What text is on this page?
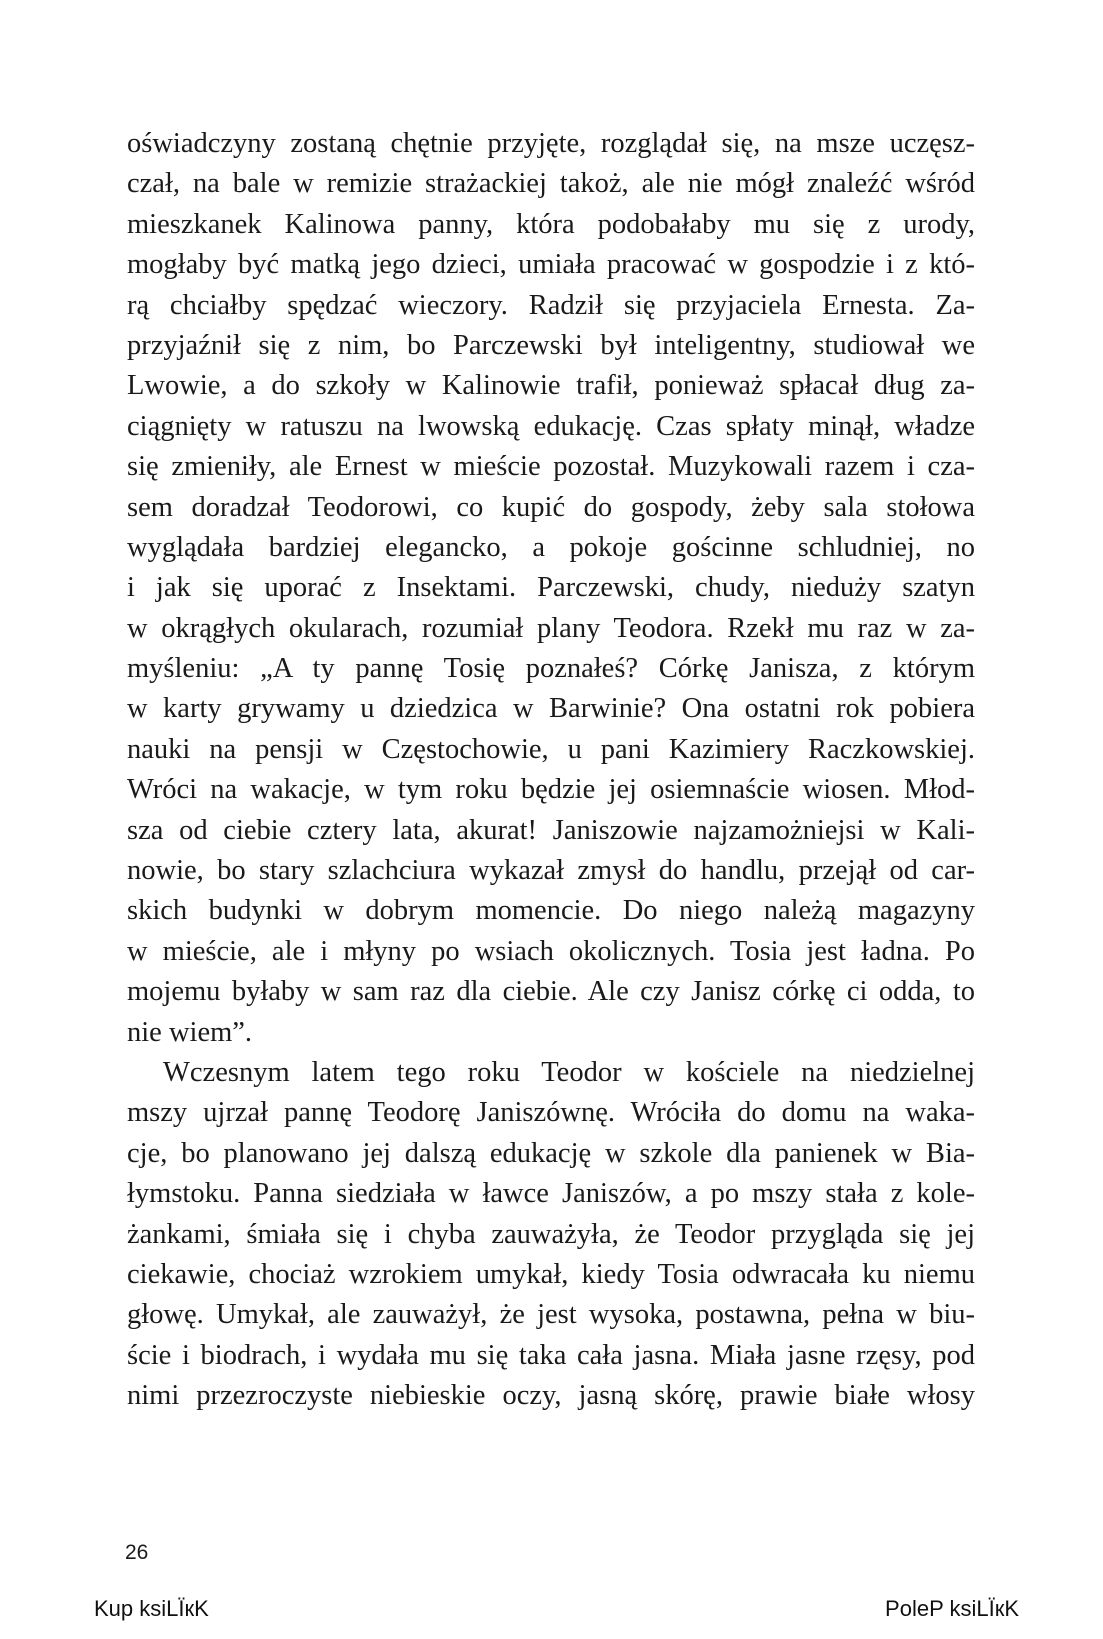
oświadczyny zostaną chętnie przyjęte, rozglądał się, na msze uczęsz-
czał, na bale w remizie strażackiej takoż, ale nie mógł znaleźć wśród
mieszkanek Kalinowa panny, która podobałaby mu się z urody,
mogłaby być matką jego dzieci, umiała pracować w gospodzie i z któ-
rą chciałby spędzać wieczory. Radził się przyjaciela Ernesta. Za-
przyjaźnił się z nim, bo Parczewski był inteligentny, studiował we
Lwowie, a do szkoły w Kalinowie trafił, ponieważ spłacał dług za-
ciągnięty w ratuszu na lwowską edukację. Czas spłaty minął, władze
się zmieniły, ale Ernest w mieście pozostał. Muzykowali razem i cza-
sem doradzał Teodorowi, co kupić do gospody, żeby sala stołowa
wyglądała bardziej elegancko, a pokoje gościnne schludniej, no
i jak się uporać z Insektami. Parczewski, chudy, nieduży szatyn
w okrągłych okularach, rozumiał plany Teodora. Rzekł mu raz w za-
myśleniu: „A ty pannę Tosię poznałeś? Córkę Janisza, z którym
w karty grywamy u dziedzica w Barwinie? Ona ostatni rok pobiera
nauki na pensji w Częstochowie, u pani Kazimiery Raczkowskiej.
Wróci na wakacje, w tym roku będzie jej osiemnaście wiosen. Młod-
sza od ciebie cztery lata, akurat! Janiszowie najzamożniejsi w Kali-
nowie, bo stary szlachciura wykazał zmysł do handlu, przejął od car-
skich budynki w dobrym momencie. Do niego należą magazyny
w mieście, ale i młyny po wsiach okolicznych. Tosia jest ładna. Po
mojemu byłaby w sam raz dla ciebie. Ale czy Janisz córkę ci odda, to
nie wiem”.
Wczesnym latem tego roku Teodor w kościele na niedzielnej
mszy ujrzał pannę Teodorę Janiszównę. Wróciła do domu na waka-
cje, bo planowano jej dalszą edukację w szkole dla panienek w Bia-
łymstoku. Panna siedziała w ławce Janiszów, a po mszy stała z kole-
żankami, śmiała się i chyba zauważyła, że Teodor przygląda się jej
ciekawie, chociaż wzrokiem umykał, kiedy Tosia odwracała ku niemu
głowę. Umykał, ale zauważył, że jest wysoka, postawna, pełna w biu-
ście i biodrach, i wydała mu się taka cała jasna. Miała jasne rzęsy, pod
nimi przezroczyste niebieskie oczy, jasną skórę, prawie białe włosy
26
Kup ksiLЇкK	PoleP ksiLЇкK
